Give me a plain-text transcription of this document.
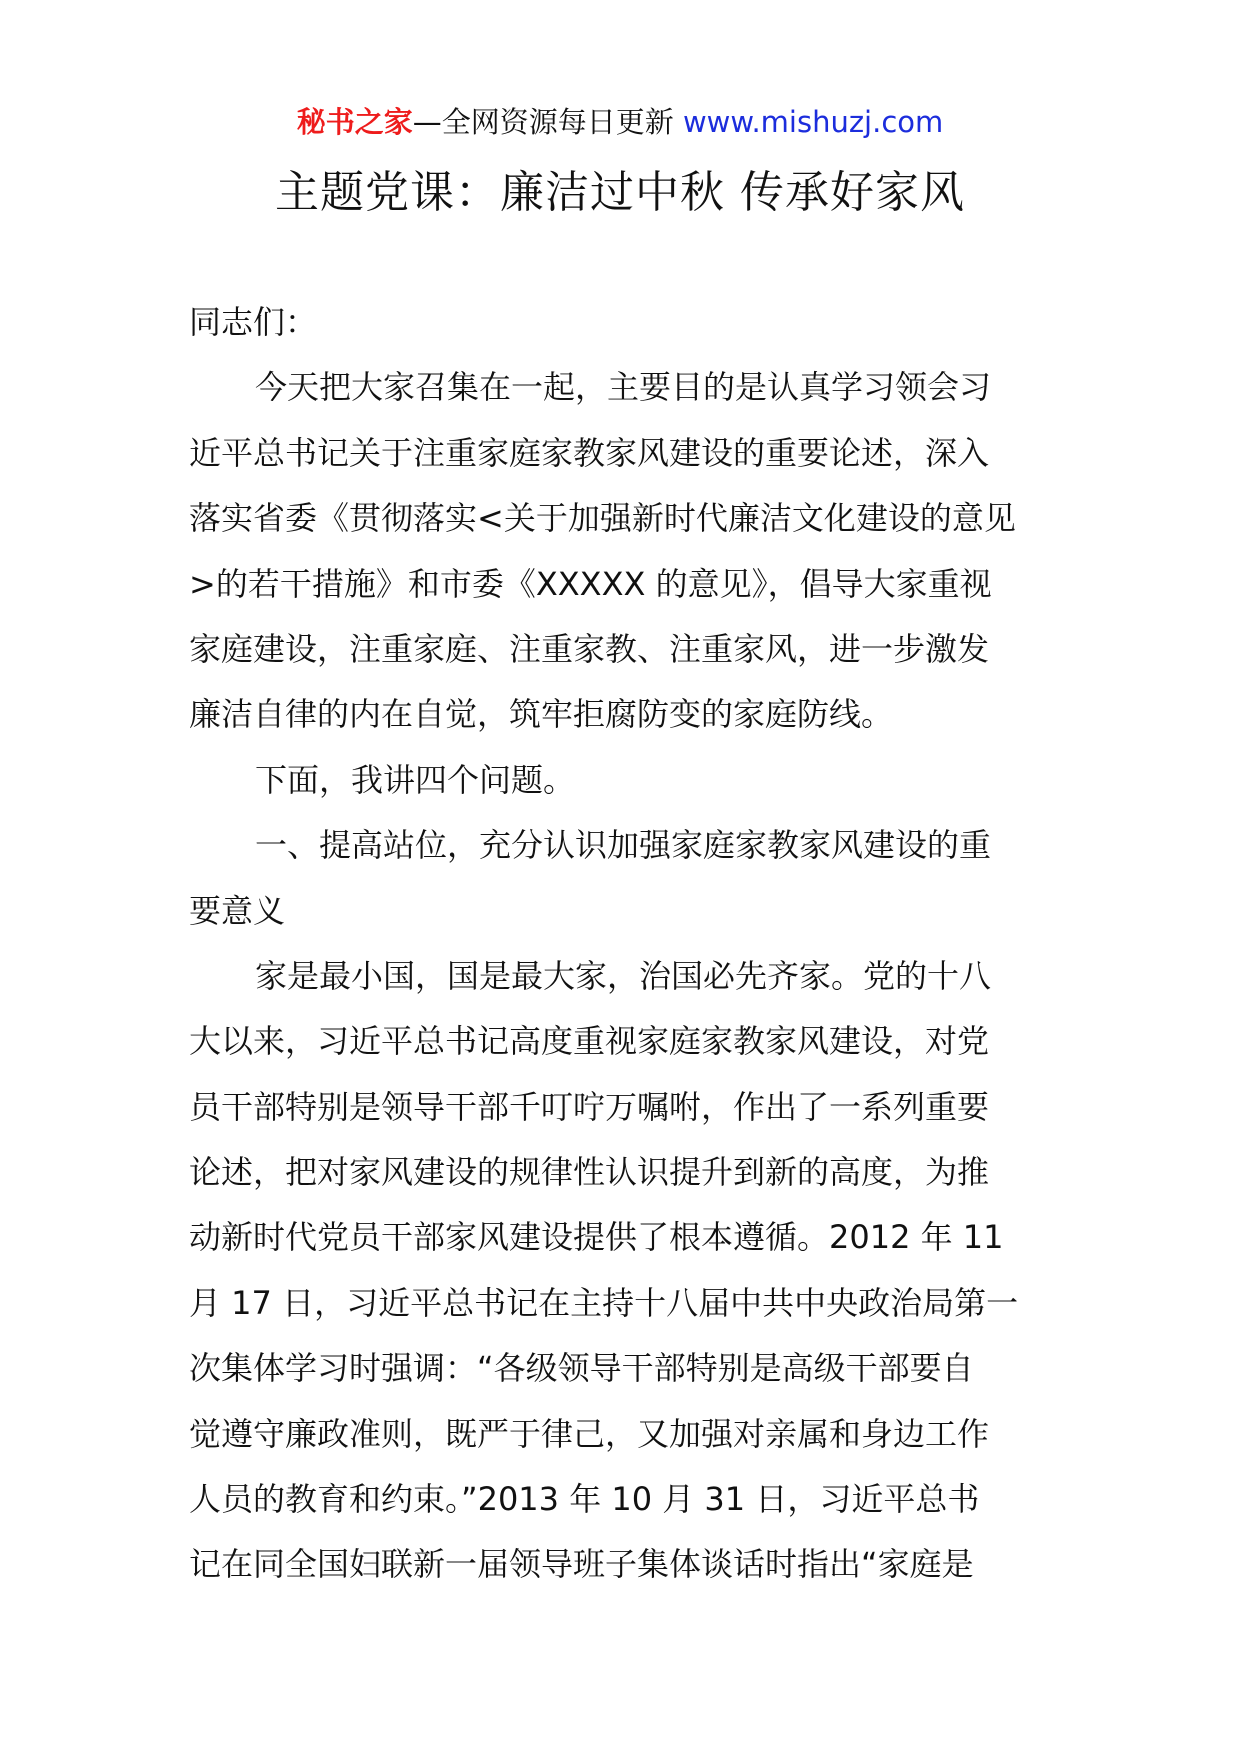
秘书之家—全网资源每日更新 www.mishuzj.com
主题党课：廉洁过中秋 传承好家风
同志们：
今天把大家召集在一起，主要目的是认真学习领会习
近平总书记关于注重家庭家教家风建设的重要论述，深入
落实省委《贯彻落实<关于加强新时代廉洁文化建设的意见
>的若干措施》和市委《XXXXX 的意见》，倡导大家重视
家庭建设，注重家庭、注重家教、注重家风，进一步激发
廉洁自律的内在自觉，筑牢拒腐防变的家庭防线。
下面，我讲四个问题。
一、提高站位，充分认识加强家庭家教家风建设的重
要意义
家是最小国，国是最大家，治国必先齐家。党的十八
大以来，习近平总书记高度重视家庭家教家风建设，对党
员干部特别是领导干部千叮咛万嘱咐，作出了一系列重要
论述，把对家风建设的规律性认识提升到新的高度，为推
动新时代党员干部家风建设提供了根本遵循。2012 年 11
月 17 日，习近平总书记在主持十八届中共中央政治局第一
次集体学习时强调：“各级领导干部特别是高级干部要自
觉遵守廉政准则，既严于律己，又加强对亲属和身边工作
人员的教育和约束。”2013 年 10 月 31 日，习近平总书
记在同全国妇联新一届领导班子集体谈话时指出“家庭是
